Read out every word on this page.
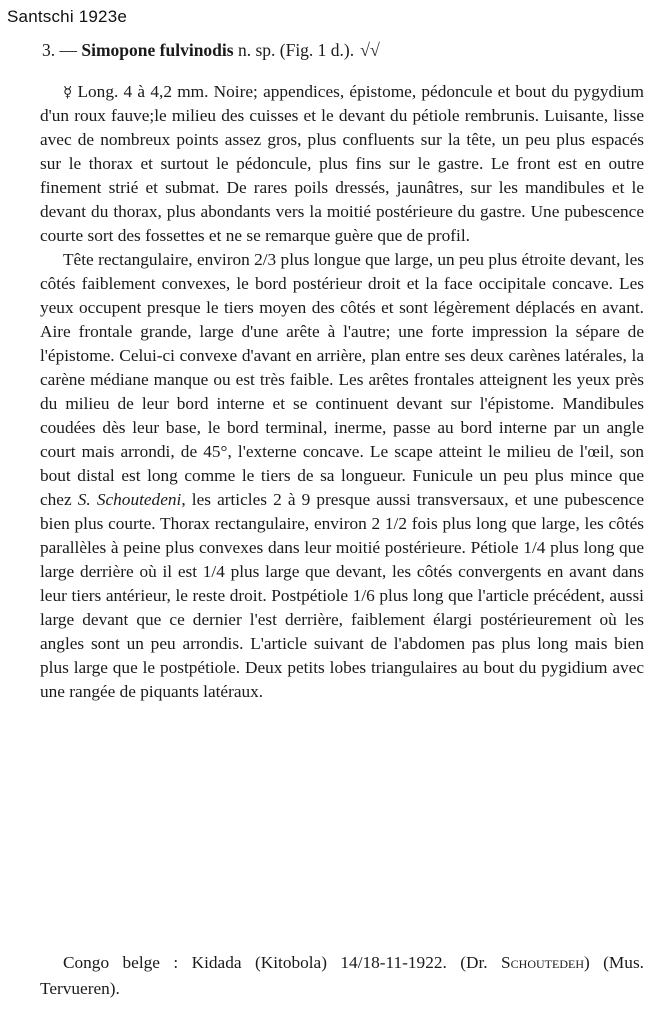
Santschi 1923e
3. — Simopone fulvinodis n. sp. (Fig. 1 d.). √√

☿ Long. 4 à 4,2 mm. Noire; appendices, épistome, pédoncule et bout du pygydium d'un roux fauve;le milieu des cuisses et le devant du pétiole rembrunis. Luisante, lisse avec de nombreux points assez gros, plus confluents sur la tête, un peu plus espacés sur le thorax et surtout le pédoncule, plus fins sur le gastre. Le front est en outre finement strié et submat. De rares poils dressés, jaunâtres, sur les mandibules et le devant du thorax, plus abondants vers la moitié postérieure du gastre. Une pubescence courte sort des fossettes et ne se remarque guère que de profil.

Tête rectangulaire, environ 2/3 plus longue que large, un peu plus étroite devant, les côtés faiblement convexes, le bord postérieur droit et la face occipitale concave. Les yeux occupent presque le tiers moyen des côtés et sont légèrement déplacés en avant. Aire frontale grande, large d'une arête à l'autre; une forte impression la sépare de l'épistome. Celui-ci convexe d'avant en arrière, plan entre ses deux carènes latérales, la carène médiane manque ou est très faible. Les arêtes frontales atteignent les yeux près du milieu de leur bord interne et se continuent devant sur l'épistome. Mandibules coudées dès leur base, le bord terminal, inerme, passe au bord interne par un angle court mais arrondi, de 45°, l'externe concave. Le scape atteint le milieu de l'œil, son bout distal est long comme le tiers de sa longueur. Funicule un peu plus mince que chez S. Schoutedeni, les articles 2 à 9 presque aussi transversaux, et une pubescence bien plus courte. Thorax rectangulaire, environ 2 1/2 fois plus long que large, les côtés parallèles à peine plus convexes dans leur moitié postérieure. Pétiole 1/4 plus long que large derrière où il est 1/4 plus large que devant, les côtés convergents en avant dans leur tiers antérieur, le reste droit. Postpétiole 1/6 plus long que l'article précédent, aussi large devant que ce dernier l'est derrière, faiblement élargi postérieurement où les angles sont un peu arrondis. L'article suivant de l'abdomen pas plus long mais bien plus large que le postpétiole. Deux petits lobes triangulaires au bout du pygidium avec une rangée de piquants latéraux.

Congo belge : Kidada (Kitobola) 14/18-11-1922. (Dr. Schoutedeh) (Mus. Tervueren).
